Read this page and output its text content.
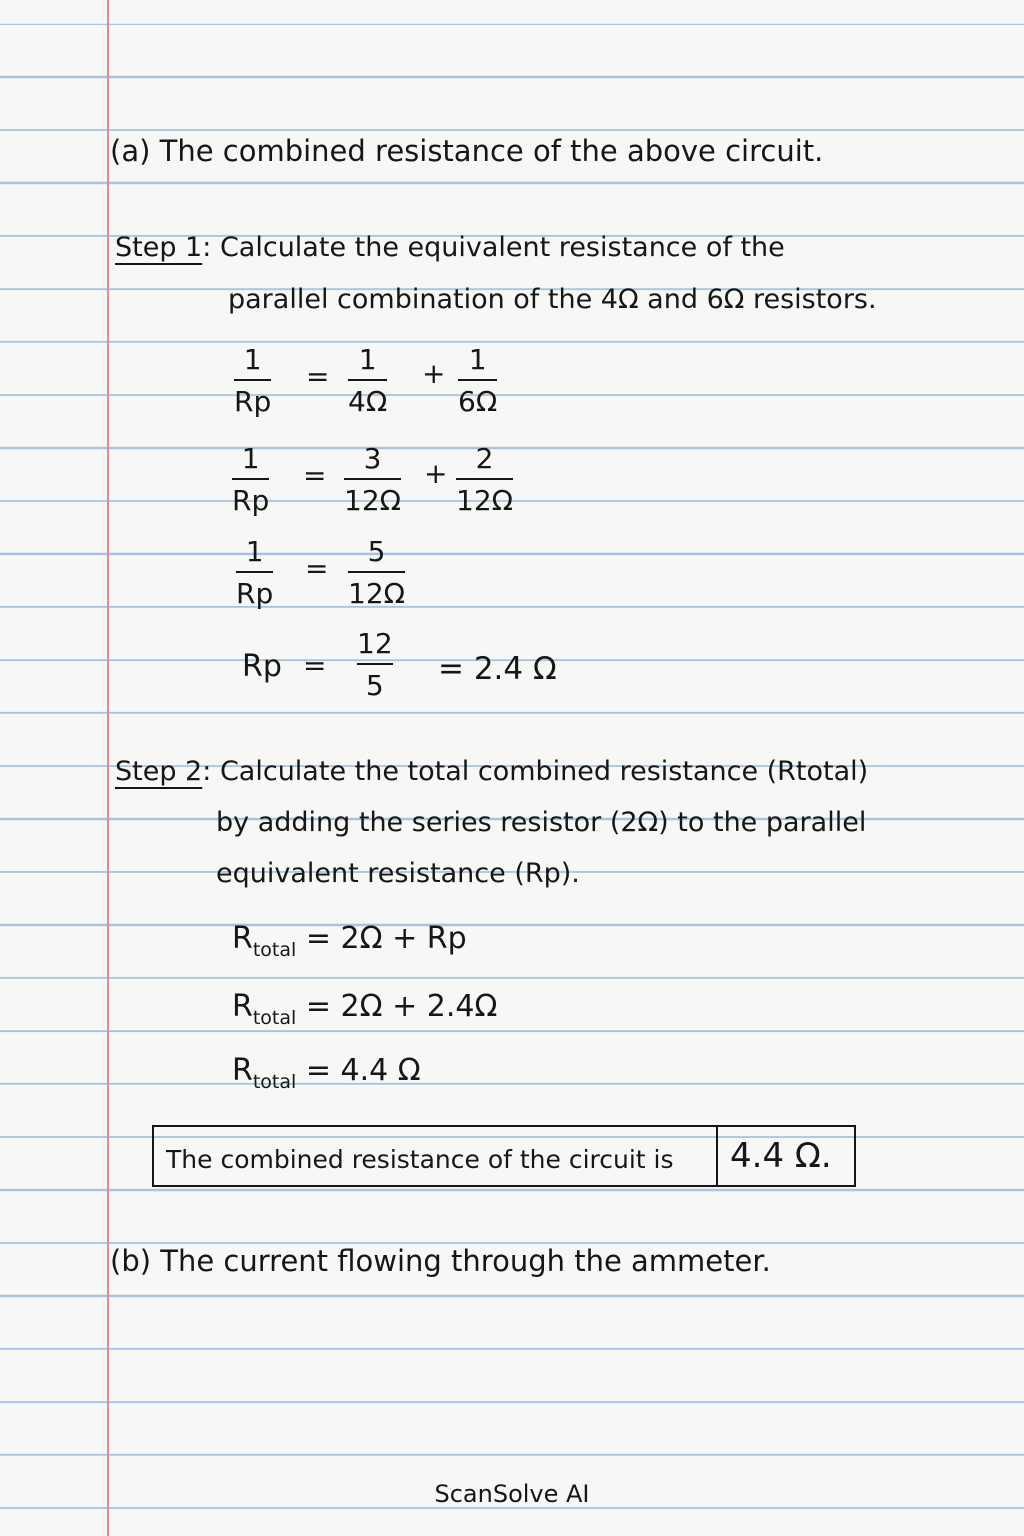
(a) The combined resistance of the above circuit.
Step 1: Calculate the equivalent resistance of the
parallel combination of the 4Ω and 6Ω resistors.
1
Rp
=
1
4Ω
+ 1
6Ω
1
Rp
=
3
12Ω
+ 2
12Ω
1
Rp
=
5
12Ω
Rp =
12
5 = 2.4 Ω
Step 2: Calculate the total combined resistance (Rtotal)
by adding the series resistor (2Ω) to the parallel
equivalent resistance (Rp).
$R_{total} = 2\Omega + Rp$
$R_{total} = 2\Omega + 2.4\Omega$
$R_{total} = 4.4$ Ω
The combined resistance of the circuit is	4.4 Ω.
(b) The current flowing through the ammeter.
ScanSolve AI
